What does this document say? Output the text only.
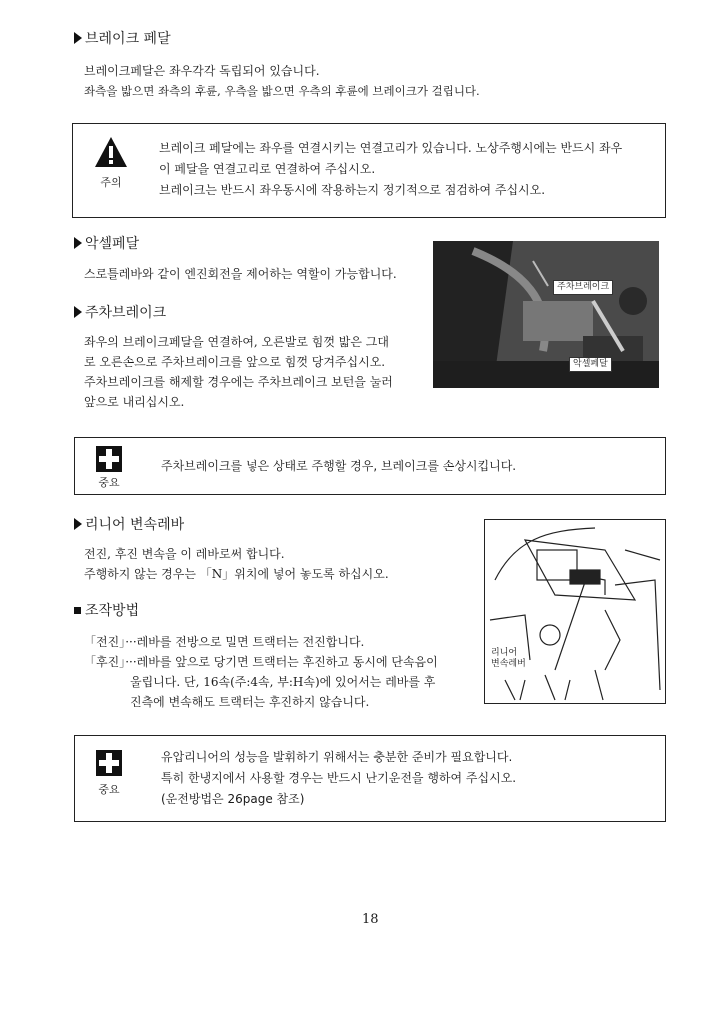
브레이크 페달
브레이크페달은 좌우각각 독립되어 있습니다.
좌측을 밟으면 좌측의 후륜, 우측을 밟으면 우측의 후륜에 브레이크가 걸립니다.
주의
브레이크 페달에는 좌우를 연결시키는 연결고리가 있습니다. 노상주행시에는 반드시 좌우
이 페달을 연결고리로 연결하여 주십시오.
브레이크는 반드시 좌우동시에 작용하는지 정기적으로 점검하여 주십시오.
악셀페달
스로틀레바와 같이 엔진회전을 제어하는 역할이 가능합니다.
주차브레이크
좌우의 브레이크페달을 연결하여, 오른발로 힘껏 밟은 그대
로 오른손으로 주차브레이크를 앞으로 힘껏 당겨주십시오.
주차브레이크를 해제할 경우에는 주차브레이크 보턴을 눌러
앞으로 내리십시오.
주차브레이크
악셀페달
중요
주차브레이크를 넣은 상태로 주행할 경우, 브레이크를 손상시킵니다.
리니어 변속레바
전진, 후진 변속을 이 레바로써 합니다.
주행하지 않는 경우는 「N」위치에 넣어 놓도록 하십시오.
조작방법
「전진」···레바를 전방으로 밀면 트랙터는 전진합니다.
「후진」···레바를 앞으로 당기면 트랙터는 후진하고 동시에 단속음이
울립니다. 단, 16속(주:4속, 부:H속)에 있어서는 레바를 후
진측에 변속해도 트랙터는 후진하지 않습니다.
리니어
변속레버
중요
유압리니어의 성능을 발휘하기 위해서는 충분한 준비가 필요합니다.
특히 한냉지에서 사용할 경우는 반드시 난기운전을 행하여 주십시오.
(운전방법은 26page 참조)
18
